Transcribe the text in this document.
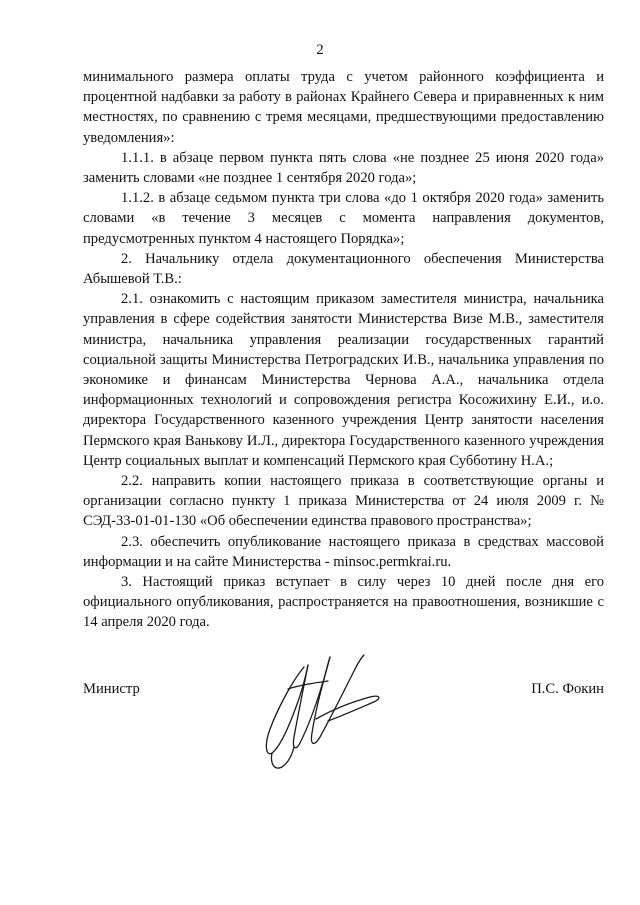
2

минимального размера оплаты труда с учетом районного коэффициента и процентной надбавки за работу в районах Крайнего Севера и приравненных к ним местностях, по сравнению с тремя месяцами, предшествующими предоставлению уведомления»:

1.1.1. в абзаце первом пункта пять слова «не позднее 25 июня 2020 года» заменить словами «не позднее 1 сентября 2020 года»;

1.1.2. в абзаце седьмом пункта три слова «до 1 октября 2020 года» заменить словами «в течение 3 месяцев с момента направления документов, предусмотренных пунктом 4 настоящего Порядка»;

2. Начальнику отдела документационного обеспечения Министерства Абышевой Т.В.:

2.1. ознакомить с настоящим приказом заместителя министра, начальника управления в сфере содействия занятости Министерства Визе М.В., заместителя министра, начальника управления реализации государственных гарантий социальной защиты Министерства Петроградских И.В., начальника управления по экономике и финансам Министерства Чернова А.А., начальника отдела информационных технологий и сопровождения регистра Косожихину Е.И., и.о. директора Государственного казенного учреждения Центр занятости населения Пермского края Ванькову И.Л., директора Государственного казенного учреждения Центр социальных выплат и компенсаций Пермского края Субботину Н.А.;

2.2. направить копии настоящего приказа в соответствующие органы и организации согласно пункту 1 приказа Министерства от 24 июля 2009 г. № СЭД-33-01-01-130 «Об обеспечении единства правового пространства»;

2.3. обеспечить опубликование настоящего приказа в средствах массовой информации и на сайте Министерства - minsoc.permkrai.ru.

3. Настоящий приказ вступает в силу через 10 дней после дня его официального опубликования, распространяется на правоотношения, возникшие с 14 апреля 2020 года.

Министр	П.С. Фокин
